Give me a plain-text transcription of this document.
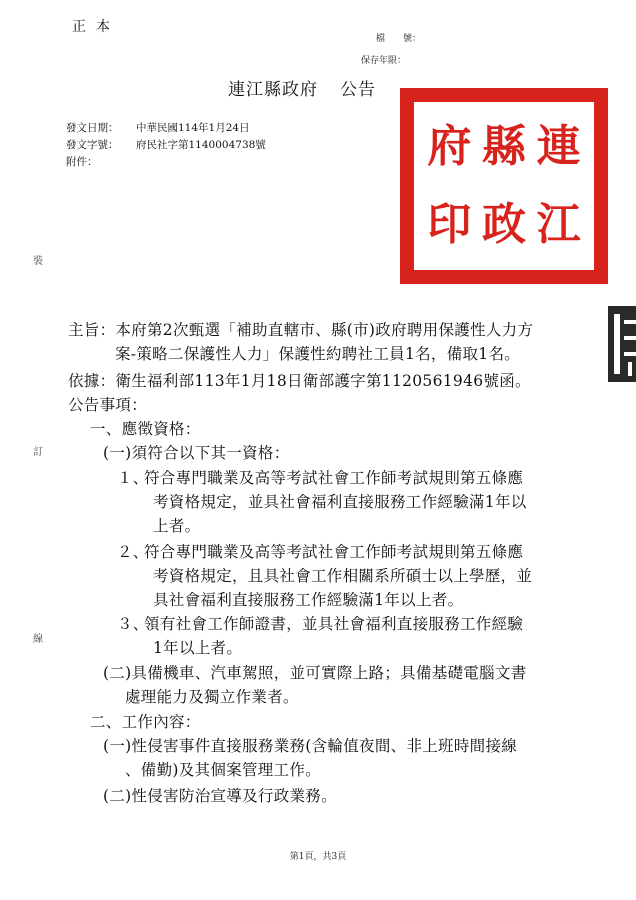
正本
檔　　號：
保存年限：
連江縣政府 公告
發文日期：	中華民國114年1月24日
發文字號：	府民社字第1140004738號
附件：	連
縣
府
江
政
印
裝
訂
線
主旨： 本府第2次甄選「補助直轄市、縣(市)政府聘用保護性人力方
案-策略二保護性人力」保護性約聘社工員1名，備取1名。
依據：衛生福利部113年1月18日衛部護字第1120561946號函。
公告事項：
一、應徵資格：
(一)須符合以下其一資格：
１、符合專門職業及高等考試社會工作師考試規則第五條應
考資格規定，並具社會福利直接服務工作經驗滿1年以
上者。
２、符合專門職業及高等考試社會工作師考試規則第五條應
考資格規定，且具社會工作相關系所碩士以上學歷，並
具社會福利直接服務工作經驗滿1年以上者。
３、領有社會工作師證書，並具社會福利直接服務工作經驗
1年以上者。
(二)具備機車、汽車駕照，並可實際上路；具備基礎電腦文書
處理能力及獨立作業者。
二、工作內容：
(一)性侵害事件直接服務業務(含輪值夜間、非上班時間接線
、備勤)及其個案管理工作。
(二)性侵害防治宣導及行政業務。
第1頁，共3頁
